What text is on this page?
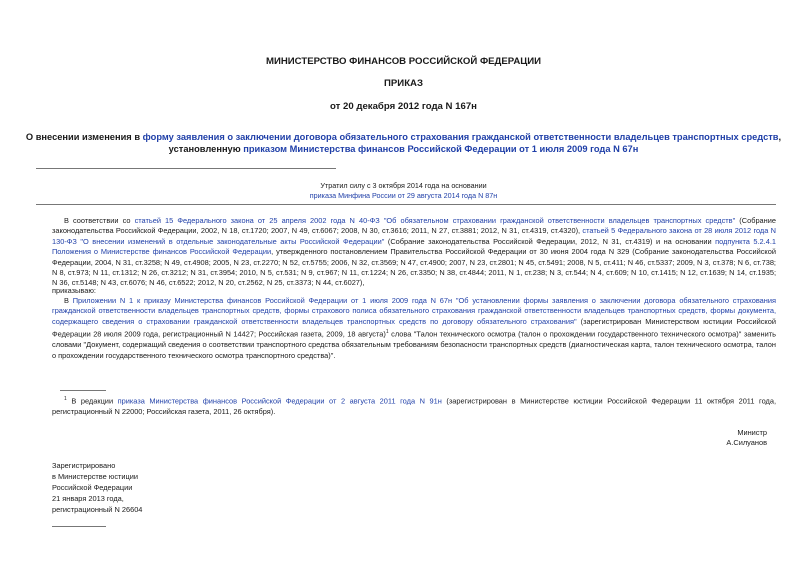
МИНИСТЕРСТВО ФИНАНСОВ РОССИЙСКОЙ ФЕДЕРАЦИИ
ПРИКАЗ
от 20 декабря 2012 года N 167н
О внесении изменения в форму заявления о заключении договора обязательного страхования гражданской ответственности владельцев транспортных средств,
установленную приказом Министерства финансов Российской Федерации от 1 июля 2009 года N 67н
Утратил силу с 3 октября 2014 года на основании
приказа Минфина России от 29 августа 2014 года N 87н
В соответствии со статьей 15 Федерального закона от 25 апреля 2002 года N 40-ФЗ "Об обязательном страховании гражданской ответственности владельцев транспортных средств" (Собрание законодательства Российской Федерации, 2002, N 18, ст.1720; 2007, N 49, ст.6067; 2008, N 30, ст.3616; 2011, N 27, ст.3881; 2012, N 31, ст.4319, ст.4320), статьей 5 Федерального закона от 28 июля 2012 года N 130-ФЗ "О внесении изменений в отдельные законодательные акты Российской Федерации" (Собрание законодательства Российской Федерации, 2012, N 31, ст.4319) и на основании подпункта 5.2.4.1 Положения о Министерстве финансов Российской Федерации, утвержденного постановлением Правительства Российской Федерации от 30 июня 2004 года N 329 (Собрание законодательства Российской Федерации, 2004, N 31, ст.3258; N 49, ст.4908; 2005, N 23, ст.2270; N 52, ст.5755; 2006, N 32, ст.3569; N 47, ст.4900; 2007, N 23, ст.2801; N 45, ст.5491; 2008, N 5, ст.411; N 46, ст.5337; 2009, N 3, ст.378; N 6, ст.738; N 8, ст.973; N 11, ст.1312; N 26, ст.3212; N 31, ст.3954; 2010, N 5, ст.531; N 9, ст.967; N 11, ст.1224; N 26, ст.3350; N 38, ст.4844; 2011, N 1, ст.238; N 3, ст.544; N 4, ст.609; N 10, ст.1415; N 12, ст.1639; N 14, ст.1935; N 36, ст.5148; N 43, ст.6076; N 46, ст.6522; 2012, N 20, ст.2562, N 25, ст.3373; N 44, ст.6027),
приказываю:
В Приложении N 1 к приказу Министерства финансов Российской Федерации от 1 июля 2009 года N 67н "Об установлении формы заявления о заключении договора обязательного страхования гражданской ответственности владельцев транспортных средств, формы страхового полиса обязательного страхования гражданской ответственности владельцев транспортных средств, формы документа, содержащего сведения о страховании гражданской ответственности владельцев транспортных средств по договору обязательного страхования" (зарегистрирован Министерством юстиции Российской Федерации 28 июля 2009 года, регистрационный N 14427; Российская газета, 2009, 18 августа)$^1$ слова "Талон технического осмотра (талон о прохождении государственного технического осмотра)" заменить словами "Документ, содержащий сведения о соответствии транспортного средства обязательным требованиям безопасности транспортных средств (диагностическая карта, талон технического осмотра, талон о прохождении государственного технического осмотра транспортного средства)".
$^1$ В редакции приказа Министерства финансов Российской Федерации от 2 августа 2011 года N 91н (зарегистрирован в Министерстве юстиции Российской Федерации 11 октября 2011 года, регистрационный N 22000; Российская газета, 2011, 26 октября).
Министр
А.Силуанов
Зарегистрировано
в Министерстве юстиции
Российской Федерации
21 января 2013 года,
регистрационный N 26604
